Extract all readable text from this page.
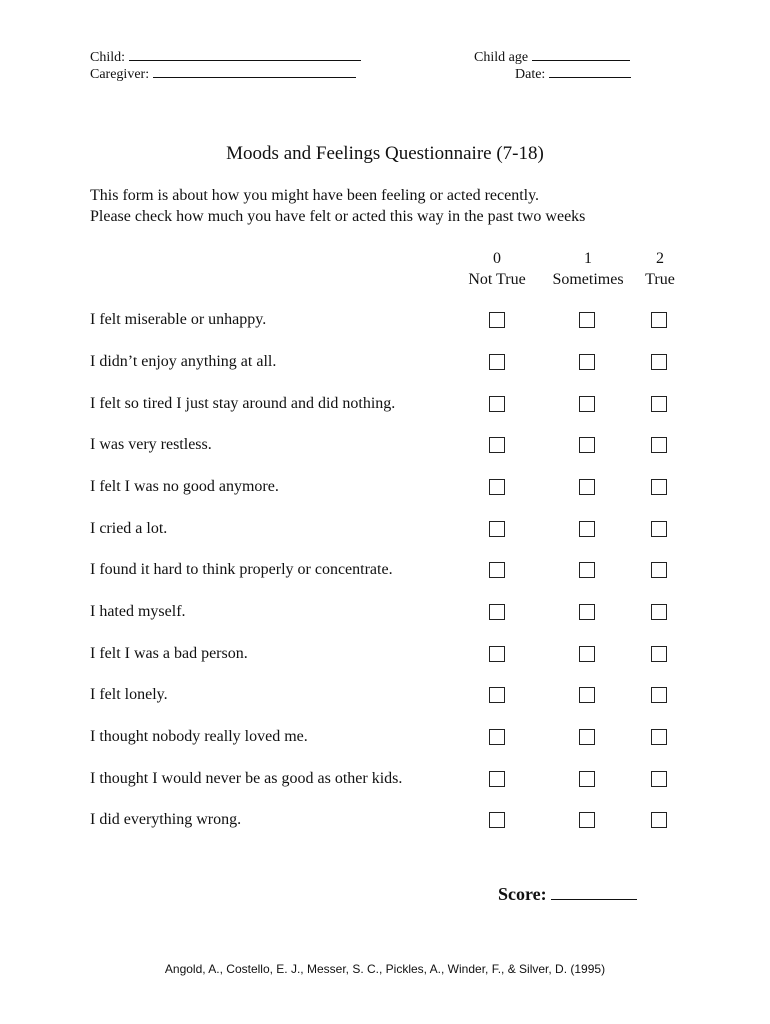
Child:
Caregiver:
Child age
Date:
Moods and Feelings Questionnaire (7-18)
This form is about how you might have been feeling or acted recently.
Please check how much you have felt or acted this way in the past two weeks
0
Not True
1
Sometimes
2
True
I felt miserable or unhappy.
I didn’t enjoy anything at all.
I felt so tired I just stay around and did nothing.
I was very restless.
I felt I was no good anymore.
I cried a lot.
I found it hard to think properly or concentrate.
I hated myself.
I felt I was a bad person.
I felt lonely.
I thought nobody really loved me.
I thought I would never be as good as other kids.
I did everything wrong.
Score:
Angold, A., Costello, E. J., Messer, S. C., Pickles, A., Winder, F., & Silver, D. (1995)
